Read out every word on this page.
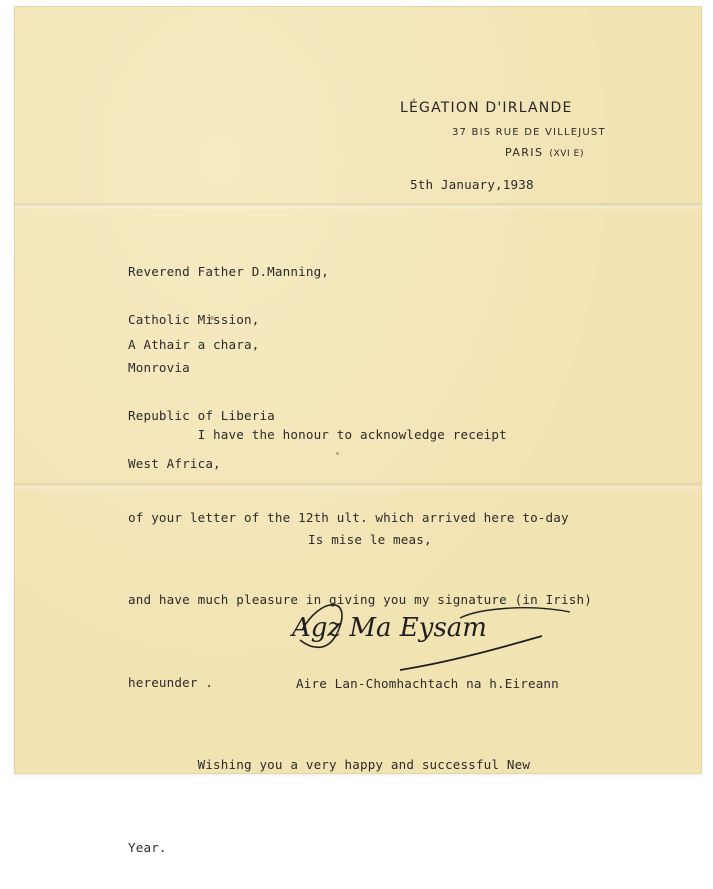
LÉGATION D'IRLANDE
37 BIS RUE DE VILLEJUST
PARIS (XVI E)
5th January,1938

Reverend Father D.Manning,

Catholic Mission,

Monrovia

Republic of Liberia

West Africa,

A Athair a chara,

I have the honour to acknowledge receipt

of your letter of the 12th ult. which arrived here to-day

and have much pleasure in giving you my signature (in Irish)

hereunder .

Wishing you a very happy and successful New

Year.

Is mise le meas,
Agz Ma Eysam
Aire Lan-Chomhachtach na h.Eireann
